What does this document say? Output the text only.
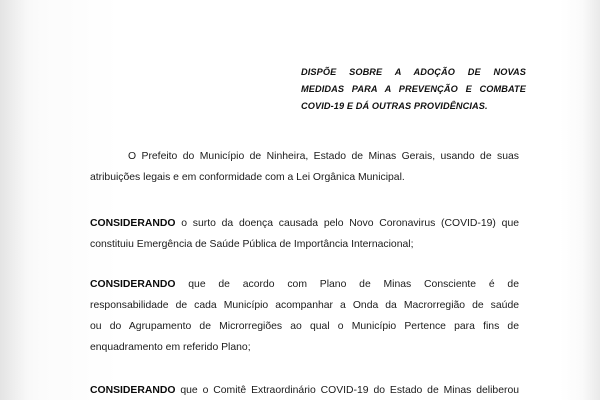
DISPÕE SOBRE A ADOÇÃO DE NOVAS
MEDIDAS PARA A PREVENÇÃO E COMBATE
COVID-19 E DÁ OUTRAS PROVIDÊNCIAS.
O Prefeito do Município de Ninheira, Estado de Minas Gerais, usando de suas
atribuições legais e em conformidade com a Lei Orgânica Municipal.
CONSIDERANDO o surto da doença causada pelo Novo Coronavirus (COVID-19) que
constituiu Emergência de Saúde Pública de Importância Internacional;
CONSIDERANDO que de acordo com Plano de Minas Consciente é de
responsabilidade de cada Município acompanhar a Onda da Macrorregião de saúde
ou do Agrupamento de Microrregiões ao qual o Município Pertence para fins de
enquadramento em referido Plano;
CONSIDERANDO que o Comitê Extraordinário COVID-19 do Estado de Minas deliberou
